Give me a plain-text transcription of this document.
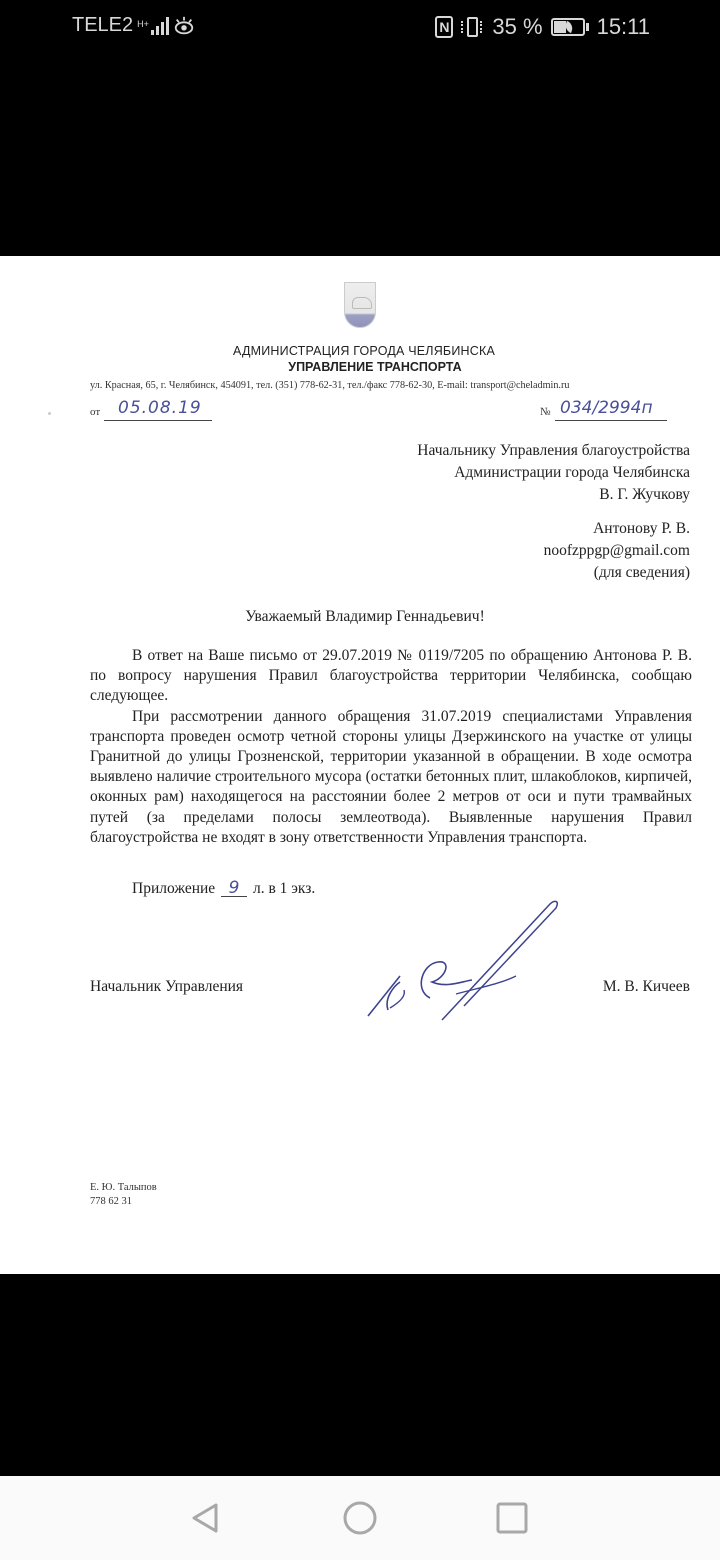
TELE2 H+	N 35 % 15:11
АДМИНИСТРАЦИЯ ГОРОДА ЧЕЛЯБИНСКА
УПРАВЛЕНИЕ ТРАНСПОРТА
ул. Красная, 65, г. Челябинск, 454091, тел. (351) 778-62-31, тел./факс 778-62-30, E-mail: transport@cheladmin.ru
от 05.08.19	№ 034/2994п
Начальнику Управления благоустройства
Администрации города Челябинска
В. Г. Жучкову
Антонову Р. В.
noofzppgp@gmail.com
(для сведения)
Уважаемый Владимир Геннадьевич!

В ответ на Ваше письмо от 29.07.2019 № 0119/7205 по обращению Антонова Р. В. по вопросу нарушения Правил благоустройства территории Челябинска, сообщаю следующее.

При рассмотрении данного обращения 31.07.2019 специалистами Управления транспорта проведен осмотр четной стороны улицы Дзержинского на участке от улицы Гранитной до улицы Грозненской, территории указанной в обращении. В ходе осмотра выявлено наличие строительного мусора (остатки бетонных плит, шлакоблоков, кирпичей, оконных рам) находящегося на расстоянии более 2 метров от оси и пути трамвайных путей (за пределами полосы землеотвода). Выявленные нарушения Правил благоустройства не входят в зону ответственности Управления транспорта.

Приложение 9 л. в 1 экз.
Начальник Управления	М. В. Кичеев
Е. Ю. Талыпов
778 62 31
